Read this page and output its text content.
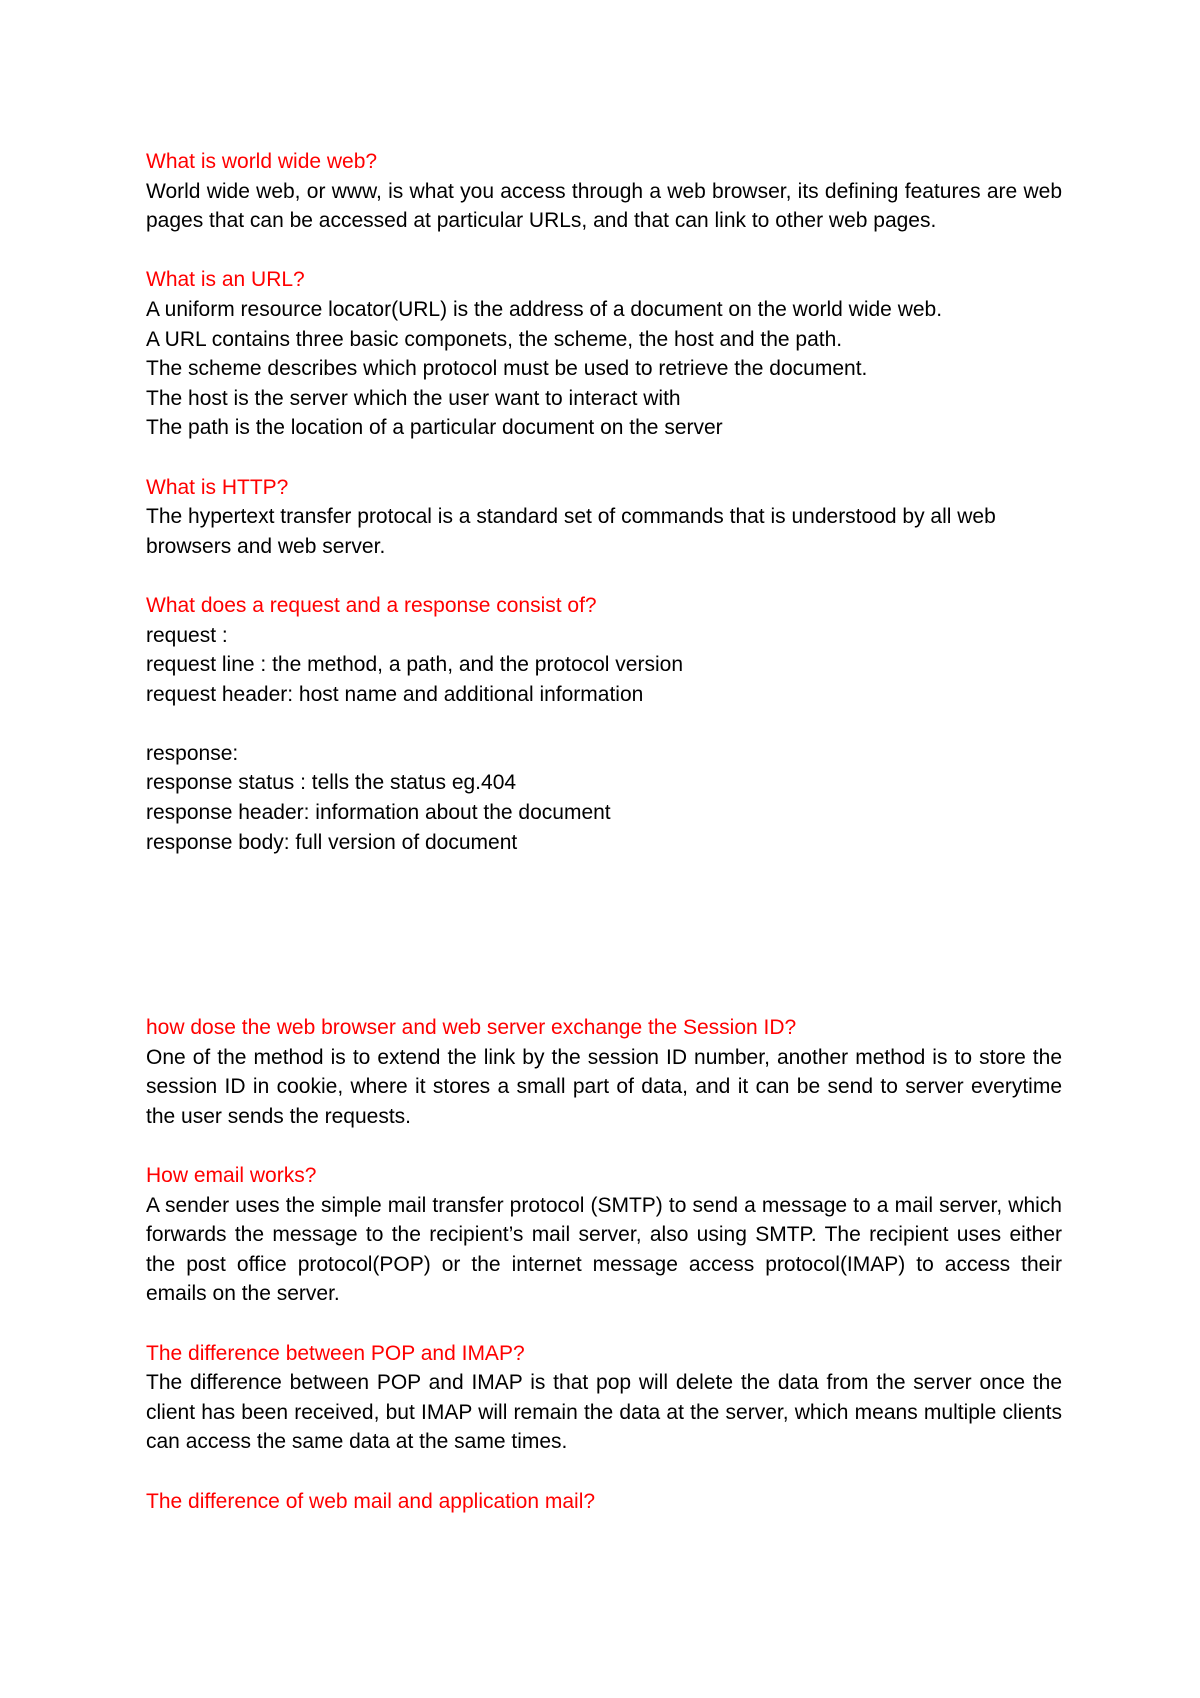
What is world wide web?
World wide web, or www, is what you access through a web browser, its defining features are web pages that can be accessed at particular URLs, and that can link to other web pages.
What is an URL?
A uniform resource locator(URL) is the address of a document on the world wide web.
A URL contains three basic componets, the scheme, the host and the path.
The scheme describes which protocol must be used to retrieve the document.
The host is the server which the user want to interact with
The path is the location of a particular document on the server
What is HTTP?
The hypertext transfer protocal is a standard set of commands that is understood by all web browsers and web server.
What does a request and a response consist of?
request :
request line : the method, a path, and the protocol version
request header: host name and additional information
response:
response status : tells the status eg.404
response header: information about the document
response body: full version of document
how dose the web browser and web server exchange the Session ID?
One of the method is to extend the link by the session ID number, another method is to store the session ID in cookie, where it stores a small part of data, and it can be send to server everytime the user sends the requests.
How email works?
A sender uses the simple mail transfer protocol (SMTP) to send a message to a mail server, which forwards the message to the recipient’s mail server, also using SMTP. The recipient uses either the post office protocol(POP) or the internet message access protocol(IMAP) to access their emails on the server.
The difference between POP and IMAP?
The difference between POP and IMAP is that pop will delete the data from the server once the client has been received, but IMAP will remain the data at the server, which means multiple clients can access the same data at the same times.
The difference of web mail and application mail?
